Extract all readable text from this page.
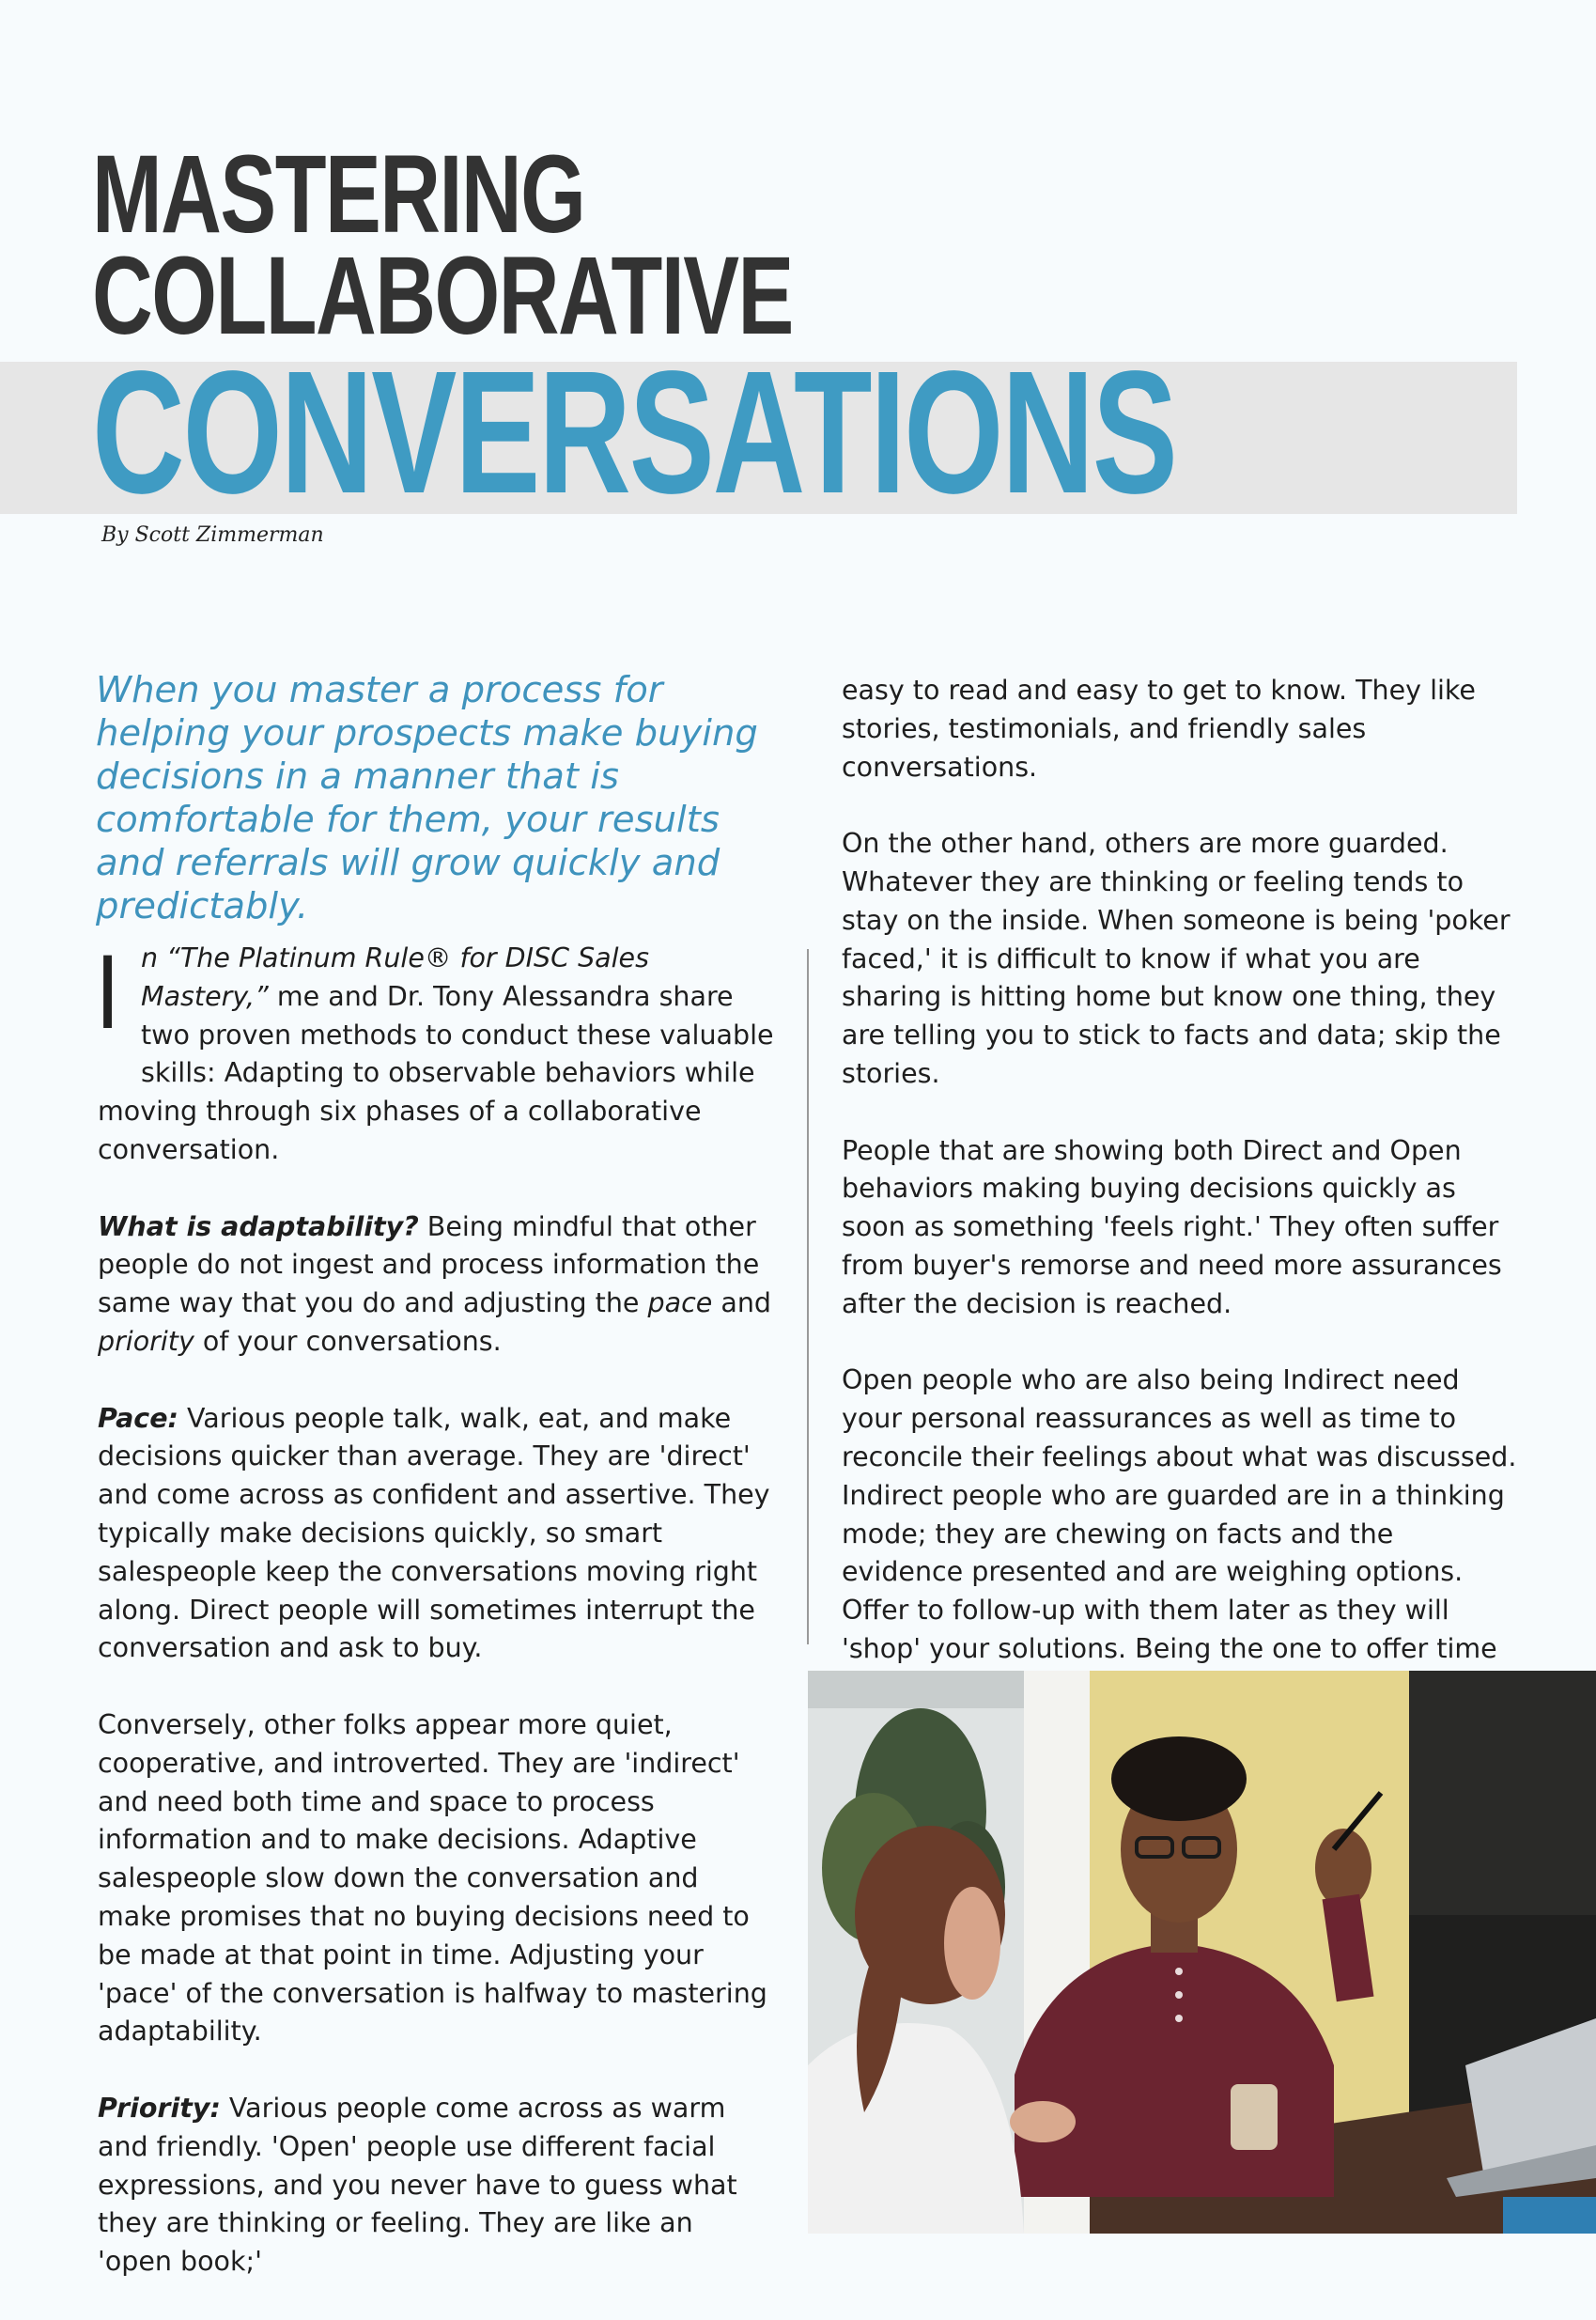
MASTERING
COLLABORATIVE
CONVERSATIONS
By Scott Zimmerman
When you master a process for helping your prospects make buying decisions in a manner that is comfortable for them, your results and referrals will grow quickly and predictably.

In “The Platinum Rule® for DISC Sales Mastery,” me and Dr. Tony Alessandra share two proven methods to conduct these valuable skills: Adapting to observable behaviors while moving through six phases of a collaborative conversation.

What is adaptability? Being mindful that other people do not ingest and process information the same way that you do and adjusting the pace and priority of your conversations.

Pace: Various people talk, walk, eat, and make decisions quicker than average. They are 'direct' and come across as confident and assertive. They typically make decisions quickly, so smart salespeople keep the conversations moving right along. Direct people will sometimes interrupt the conversation and ask to buy.

Conversely, other folks appear more quiet, cooperative, and introverted. They are 'indirect' and need both time and space to process information and to make decisions. Adaptive salespeople slow down the conversation and make promises that no buying decisions need to be made at that point in time. Adjusting your 'pace' of the conversation is halfway to mastering adaptability.

Priority: Various people come across as warm and friendly. 'Open' people use different facial expressions, and you never have to guess what they are thinking or feeling. They are like an 'open book;'

easy to read and easy to get to know. They like stories, testimonials, and friendly sales conversations.

On the other hand, others are more guarded. Whatever they are thinking or feeling tends to stay on the inside. When someone is being 'poker faced,' it is difficult to know if what you are sharing is hitting home but know one thing, they are telling you to stick to facts and data; skip the stories.

People that are showing both Direct and Open behaviors making buying decisions quickly as soon as something 'feels right.' They often suffer from buyer's remorse and need more assurances after the decision is reached.

Open people who are also being Indirect need your personal reassurances as well as time to reconcile their feelings about what was discussed. Indirect people who are guarded are in a thinking mode; they are chewing on facts and the evidence presented and are weighing options. Offer to follow-up with them later as they will 'shop' your solutions. Being the one to offer time
